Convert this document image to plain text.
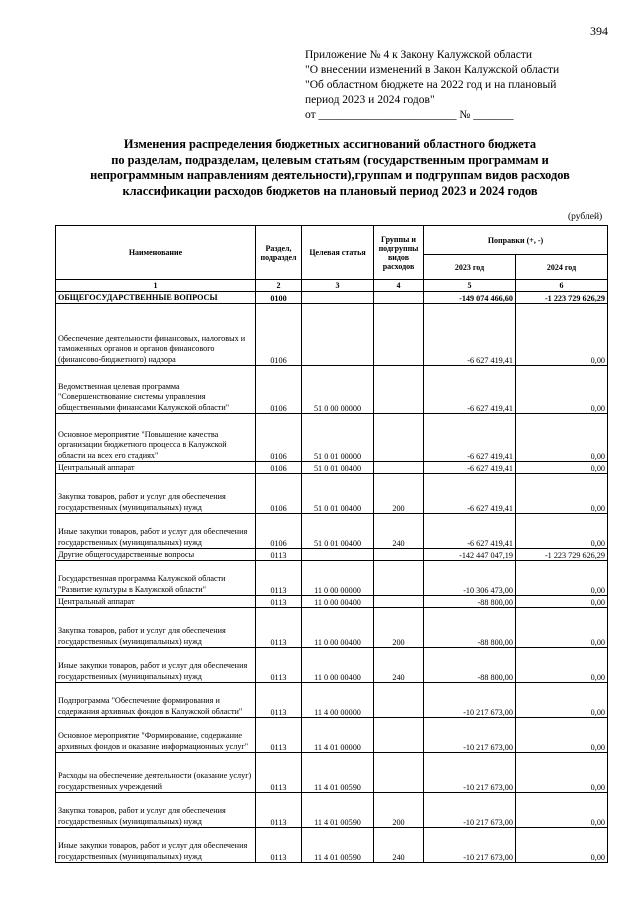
394
Приложение № 4 к Закону Калужской области
"О внесении изменений в Закон Калужской области
"Об областном бюджете на 2022 год и на плановый
период 2023 и 2024 годов"
от ________________________ № _______
Изменения распределения бюджетных ассигнований областного бюджета
по разделам, подразделам, целевым статьям (государственным программам и
непрограммным направлениям деятельности),группам и подгруппам видов расходов
классификации расходов бюджетов на плановый период 2023 и 2024 годов
(рублей)
Наименование	Раздел, подраздел	Целевая статья	Группы и подгруппы видов расходов	Поправки (+, -)	
				2023 год	2024 год
1	2	3	4	5	6
ОБЩЕГОСУДАРСТВЕННЫЕ ВОПРОСЫ	0100			-149 074 466,60	-1 223 729 626,29
Обеспечение деятельности финансовых, налоговых и таможенных органов и органов финансового (финансово-бюджетного) надзора	0106			-6 627 419,41	0,00
Ведомственная целевая программа "Совершенствование системы управления общественными финансами Калужской области"	0106	51 0 00 00000		-6 627 419,41	0,00
Основное мероприятие "Повышение качества организации бюджетного процесса в Калужской области на всех его стадиях"	0106	51 0 01 00000		-6 627 419,41	0,00
Центральный аппарат	0106	51 0 01 00400		-6 627 419,41	0,00
Закупка товаров, работ и услуг для обеспечения государственных (муниципальных) нужд	0106	51 0 01 00400	200	-6 627 419,41	0,00
Иные закупки товаров, работ и услуг для обеспечения государственных (муниципальных) нужд	0106	51 0 01 00400	240	-6 627 419,41	0,00
Другие общегосударственные вопросы	0113			-142 447 047,19	-1 223 729 626,29
Государственная программа Калужской области "Развитие культуры в Калужской области"	0113	11 0 00 00000		-10 306 473,00	0,00
Центральный аппарат	0113	11 0 00 00400		-88 800,00	0,00
Закупка товаров, работ и услуг для обеспечения государственных (муниципальных) нужд	0113	11 0 00 00400	200	-88 800,00	0,00
Иные закупки товаров, работ и услуг для обеспечения государственных (муниципальных) нужд	0113	11 0 00 00400	240	-88 800,00	0,00
Подпрограмма "Обеспечение формирования и содержания архивных фондов в Калужской области"	0113	11 4 00 00000		-10 217 673,00	0,00
Основное мероприятие "Формирование, содержание архивных фондов и оказание информационных услуг"	0113	11 4 01 00000		-10 217 673,00	0,00
Расходы на обеспечение деятельности (оказание услуг) государственных учреждений	0113	11 4 01 00590		-10 217 673,00	0,00
Закупка товаров, работ и услуг для обеспечения государственных (муниципальных) нужд	0113	11 4 01 00590	200	-10 217 673,00	0,00
Иные закупки товаров, работ и услуг для обеспечения государственных (муниципальных) нужд	0113	11 4 01 00590	240	-10 217 673,00	0,00
